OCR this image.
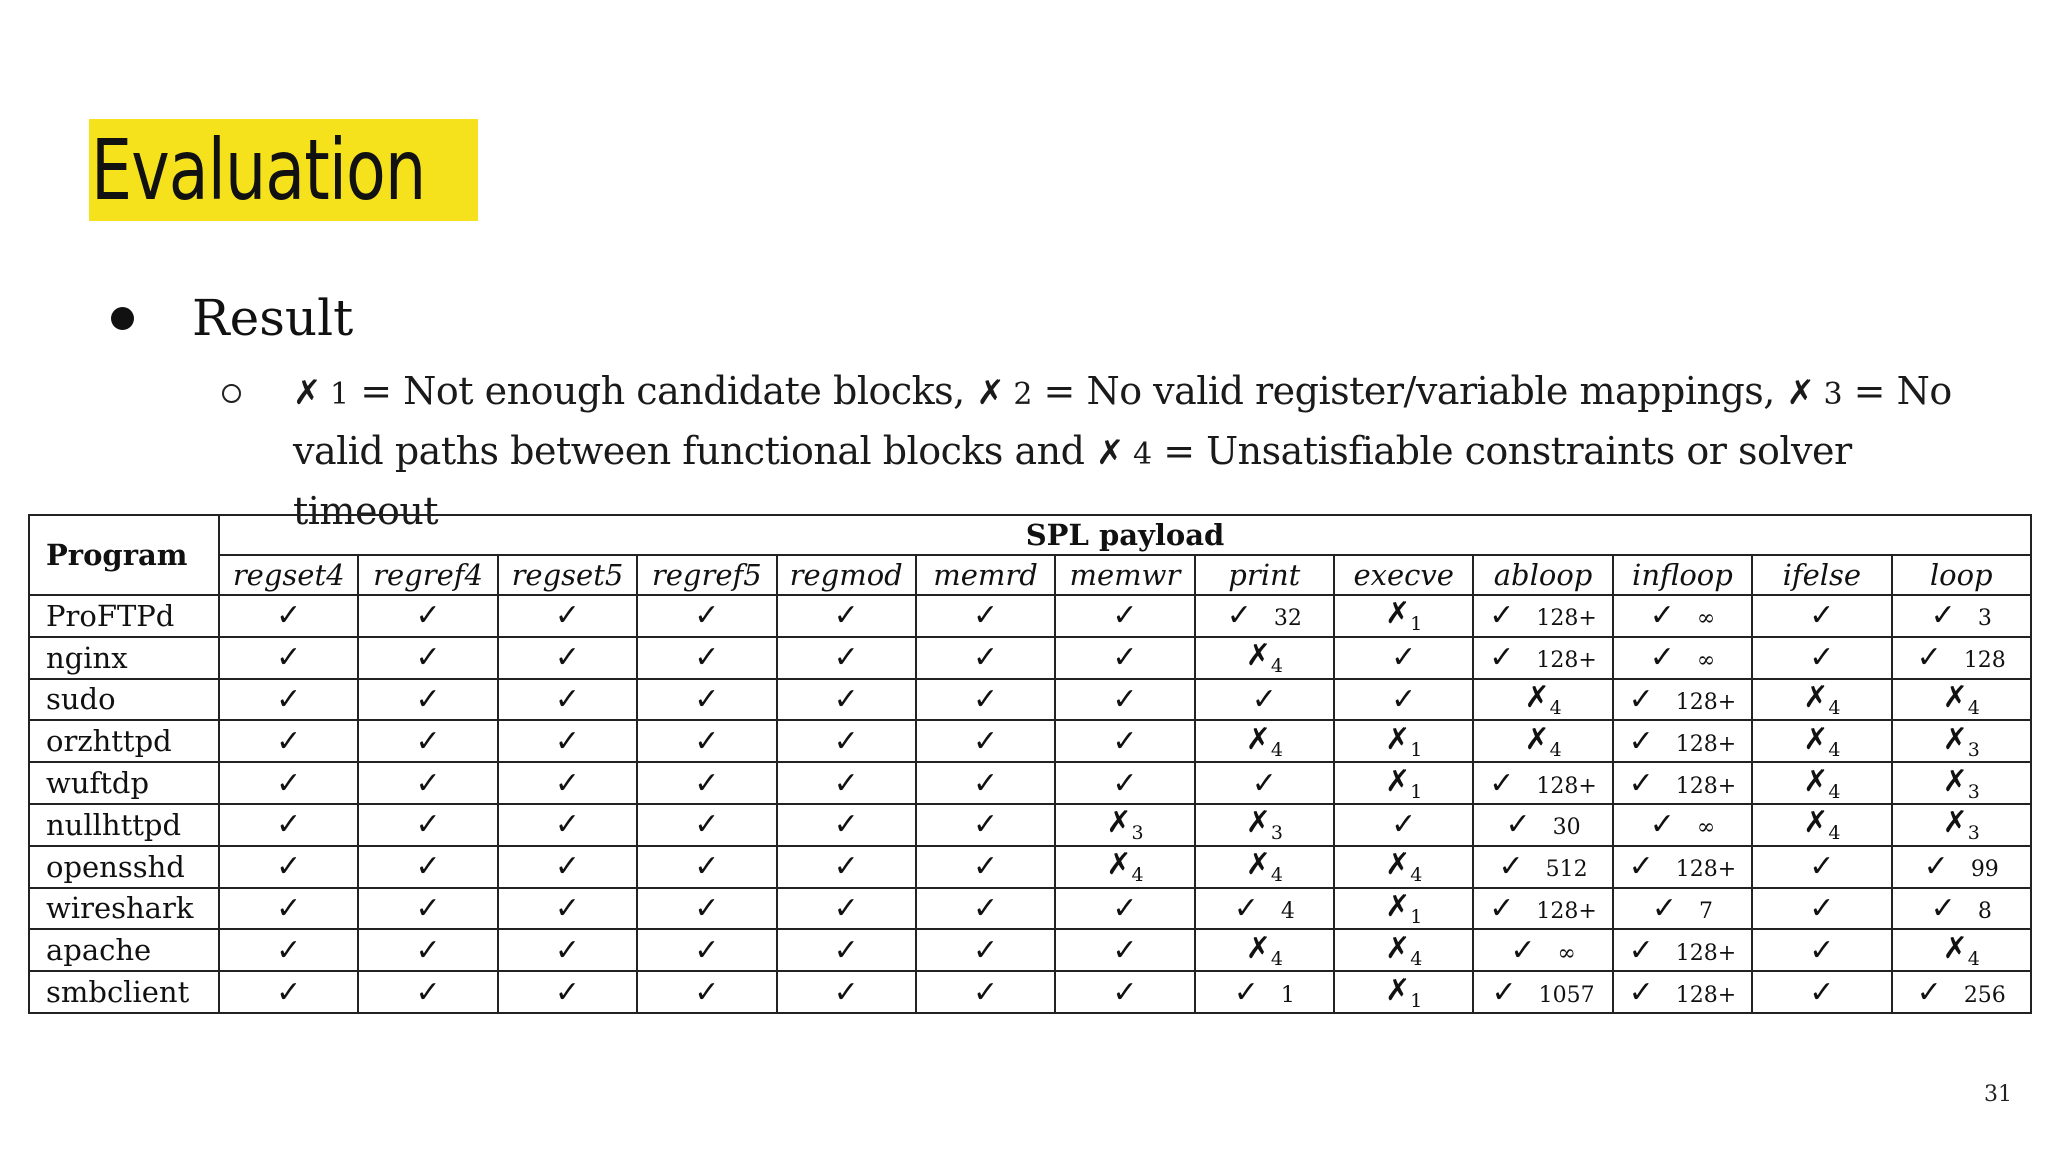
Evaluation
Result
✗ 1 = Not enough candidate blocks, ✗ 2 = No valid register/variable mappings, ✗ 3 = No valid paths between functional blocks and ✗ 4 = Unsatisfiable constraints or solver timeout
Program	SPL payload												
	regset4	regref4	regset5	regref5	regmod	memrd	memwr	print	execve	abloop	infloop	ifelse	loop
ProFTPd	✓	✓	✓	✓	✓	✓	✓	✓ 32	$✗_1$	✓ 128+	✓ ∞	✓	✓ 3
nginx	✓	✓	✓	✓	✓	✓	✓	$✗_4$	✓	✓ 128+	✓ ∞	✓	✓ 128
sudo	✓	✓	✓	✓	✓	✓	✓	✓	✓	$✗_4$	✓ 128+	$✗_4$	$✗_4$
orzhttpd	✓	✓	✓	✓	✓	✓	✓	$✗_4$	$✗_1$	$✗_4$	✓ 128+	$✗_4$	$✗_3$
wuftdp	✓	✓	✓	✓	✓	✓	✓	✓	$✗_1$	✓ 128+	✓ 128+	$✗_4$	$✗_3$
nullhttpd	✓	✓	✓	✓	✓	✓	$✗_3$	$✗_3$	✓	✓ 30	✓ ∞	$✗_4$	$✗_3$
opensshd	✓	✓	✓	✓	✓	✓	$✗_4$	$✗_4$	$✗_4$	✓ 512	✓ 128+	✓	✓ 99
wireshark	✓	✓	✓	✓	✓	✓	✓	✓ 4	$✗_1$	✓ 128+	✓ 7	✓	✓ 8
apache	✓	✓	✓	✓	✓	✓	✓	$✗_4$	$✗_4$	✓ ∞	✓ 128+	✓	$✗_4$
smbclient	✓	✓	✓	✓	✓	✓	✓	✓ 1	$✗_1$	✓ 1057	✓ 128+	✓	✓ 256
31
